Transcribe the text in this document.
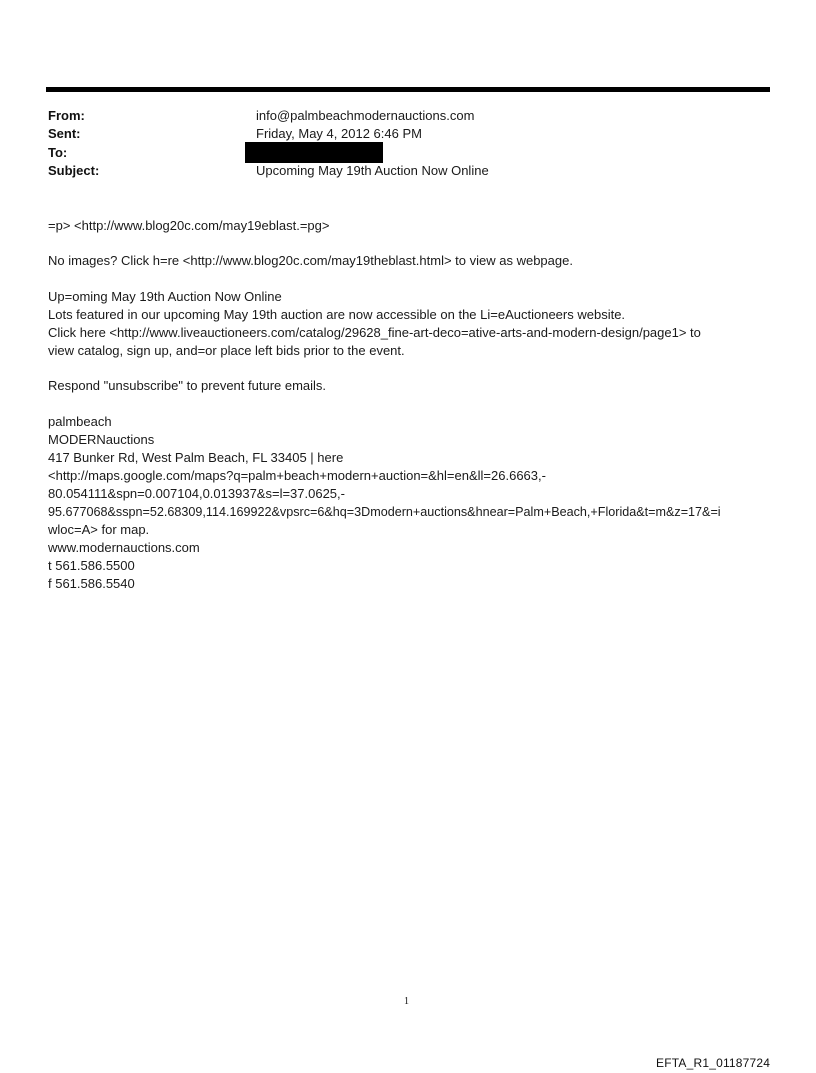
From:	info@palmbeachmodernauctions.com
Sent:	Friday, May 4, 2012 6:46 PM
To:
Subject:	Upcoming May 19th Auction Now Online
=p> <http://www.blog20c.com/may19eblast.=pg>
No images? Click h=re <http://www.blog20c.com/may19theblast.html> to view as webpage.
Up=oming May 19th Auction Now Online
Lots featured in our upcoming May 19th auction are now accessible on the Li=eAuctioneers website.
Click here <http://www.liveauctioneers.com/catalog/29628_fine-art-deco=ative-arts-and-modern-design/page1> to
view catalog, sign up, and=or place left bids prior to the event.
Respond "unsubscribe" to prevent future emails.
palmbeach
MODERNauctions
417 Bunker Rd, West Palm Beach, FL 33405 | here
<http://maps.google.com/maps?q=palm+beach+modern+auction=&hl=en&ll=26.6663,-
80.054111&spn=0.007104,0.013937&s=l=37.0625,-
95.677068&sspn=52.68309,114.169922&vpsrc=6&hq=3Dmodern+auctions&hnear=Palm+Beach,+Florida&t=m&z=17&=i
wloc=A> for map.
www.modernauctions.com
t 561.586.5500
f 561.586.5540
1
EFTA_R1_01187724
